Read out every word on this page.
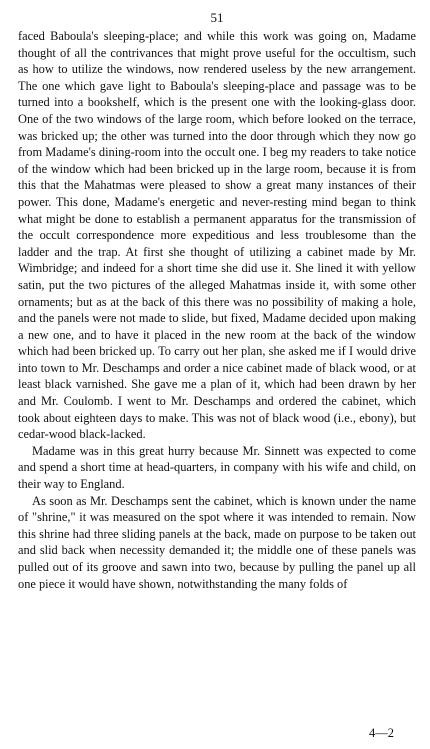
51

faced Baboula's sleeping-place; and while this work was going on, Madame thought of all the contrivances that might prove useful for the occultism, such as how to utilize the windows, now rendered useless by the new arrangement. The one which gave light to Baboula's sleeping-place and passage was to be turned into a bookshelf, which is the present one with the looking-glass door. One of the two windows of the large room, which before looked on the terrace, was bricked up; the other was turned into the door through which they now go from Madame's dining-room into the occult one. I beg my readers to take notice of the window which had been bricked up in the large room, because it is from this that the Mahatmas were pleased to show a great many instances of their power. This done, Madame's energetic and never-resting mind began to think what might be done to establish a permanent apparatus for the transmission of the occult correspondence more expeditious and less troublesome than the ladder and the trap. At first she thought of utilizing a cabinet made by Mr. Wimbridge; and indeed for a short time she did use it. She lined it with yellow satin, put the two pictures of the alleged Mahatmas inside it, with some other ornaments; but as at the back of this there was no possibility of making a hole, and the panels were not made to slide, but fixed, Madame decided upon making a new one, and to have it placed in the new room at the back of the window which had been bricked up. To carry out her plan, she asked me if I would drive into town to Mr. Deschamps and order a nice cabinet made of black wood, or at least black varnished. She gave me a plan of it, which had been drawn by her and Mr. Coulomb. I went to Mr. Deschamps and ordered the cabinet, which took about eighteen days to make. This was not of black wood (i.e., ebony), but cedar-wood black-lacked.

Madame was in this great hurry because Mr. Sinnett was expected to come and spend a short time at head-quarters, in company with his wife and child, on their way to England.

As soon as Mr. Deschamps sent the cabinet, which is known under the name of "shrine," it was measured on the spot where it was intended to remain. Now this shrine had three sliding panels at the back, made on purpose to be taken out and slid back when necessity demanded it; the middle one of these panels was pulled out of its groove and sawn into two, because by pulling the panel up all one piece it would have shown, notwithstanding the many folds of

4—2
